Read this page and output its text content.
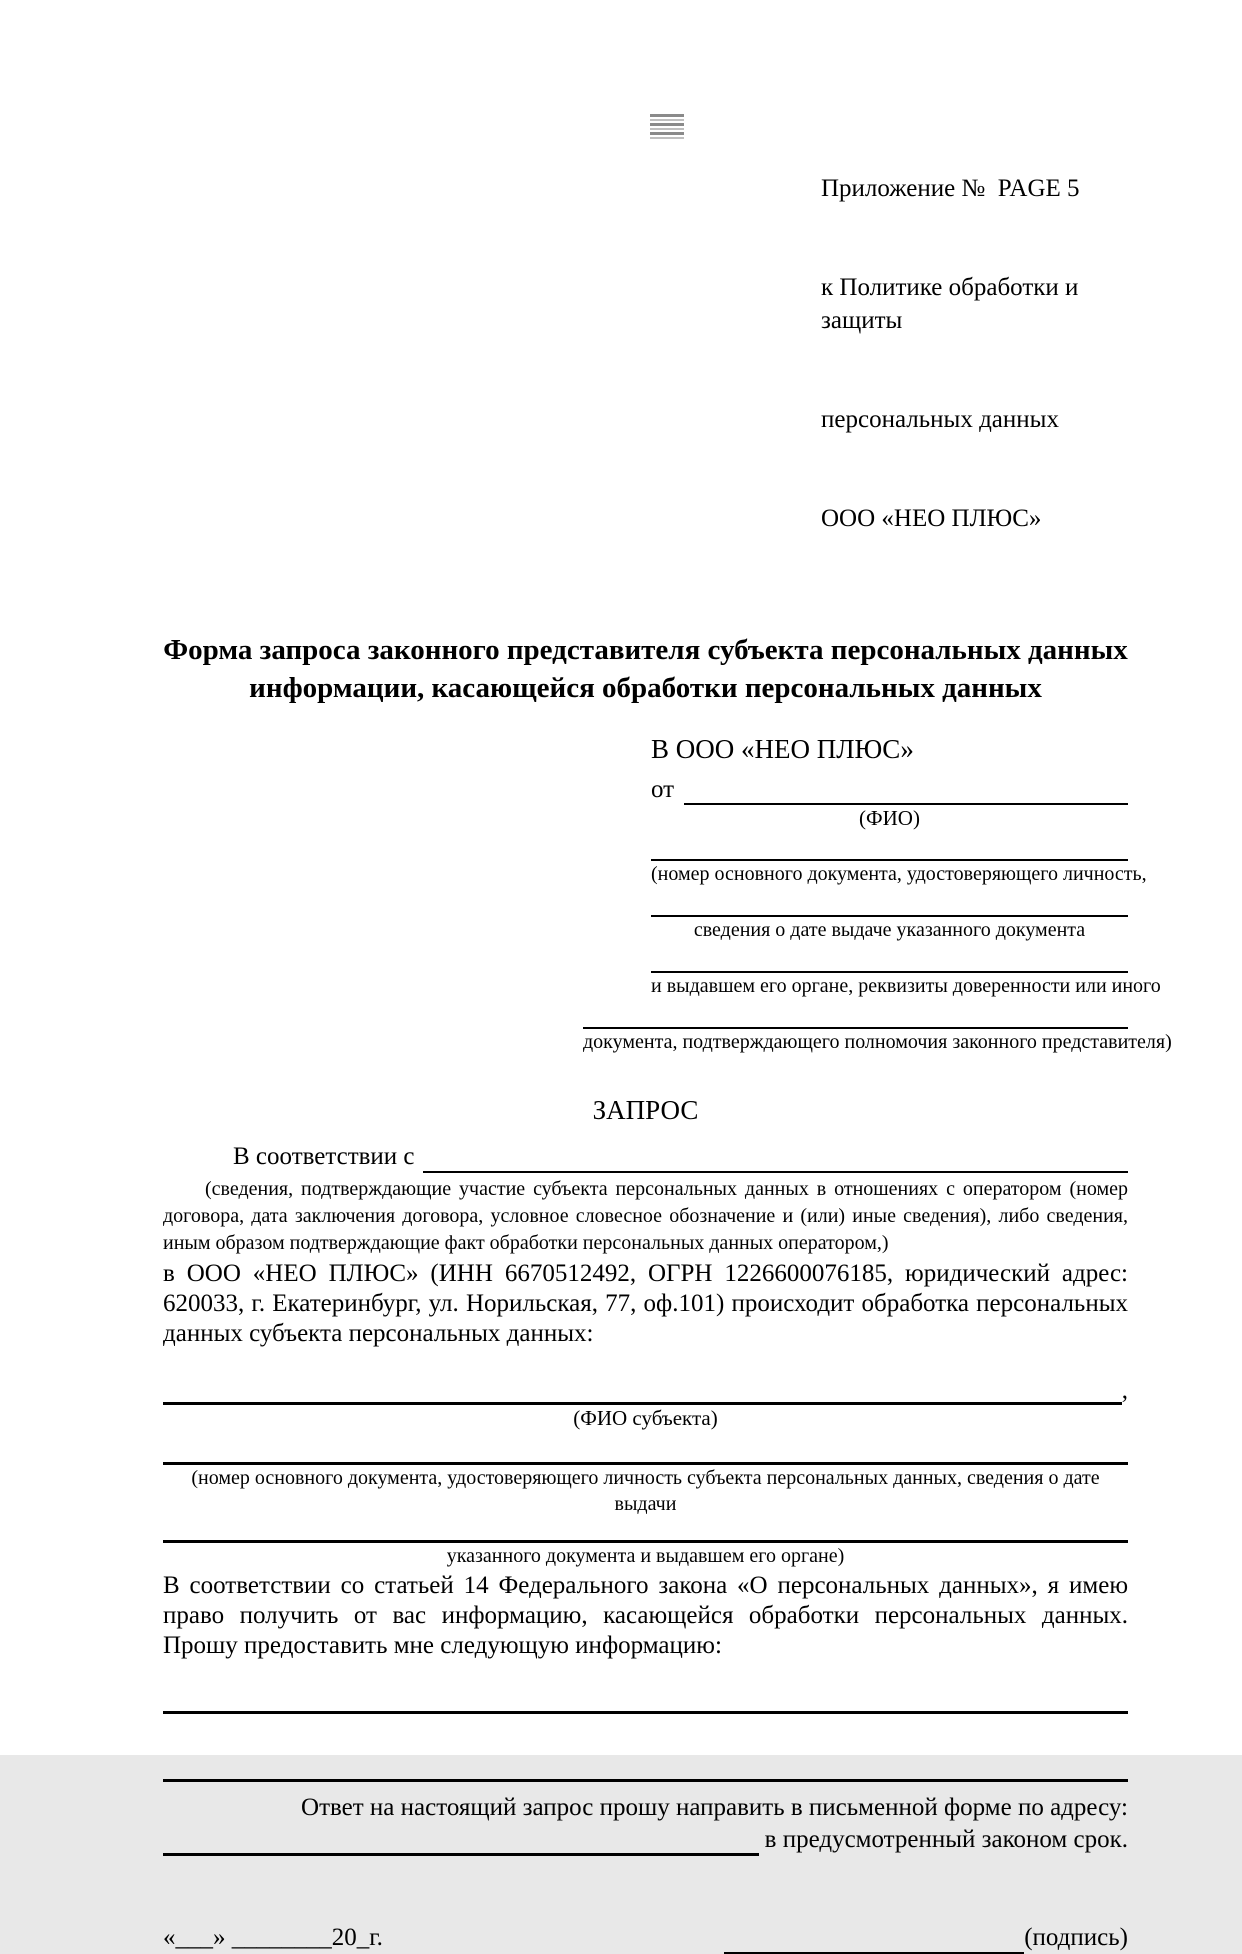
Приложение №  PAGE 5

к Политике обработки и защиты

персональных данных

ООО «НЕО ПЛЮС»

Форма запроса законного представителя субъекта персональных данных информации, касающейся обработки персональных данных
В ООО «НЕО ПЛЮС»
от
(ФИО)
(номер основного документа, удостоверяющего личность,
сведения о дате выдаче указанного документа
и выдавшем его органе, реквизиты доверенности или иного
документа, подтверждающего полномочия законного представителя)
ЗАПРОС
В соответствии с
(сведения, подтверждающие участие субъекта персональных данных в отношениях с оператором (номер договора, дата заключения договора, условное словесное обозначение и (или) иные сведения), либо сведения, иным образом подтверждающие факт обработки персональных данных оператором,)
в ООО «НЕО ПЛЮС» (ИНН 6670512492, ОГРН 1226600076185, юридический адрес: 620033, г. Екатеринбург, ул. Норильская, 77, оф.101) происходит обработка персональных данных субъекта персональных данных:
,
(ФИО субъекта)
(номер основного документа, удостоверяющего личность субъекта персональных данных, сведения о дате выдачи
указанного документа и выдавшем его органе)
В соответствии со статьей 14 Федерального закона «О персональных данных», я имею право получить от вас информацию, касающейся обработки персональных данных. Прошу предоставить мне следующую информацию:
Ответ на настоящий запрос прошу направить в письменной форме по адресу:
в предусмотренный законом срок.
«___» ________20_г.	(подпись)
